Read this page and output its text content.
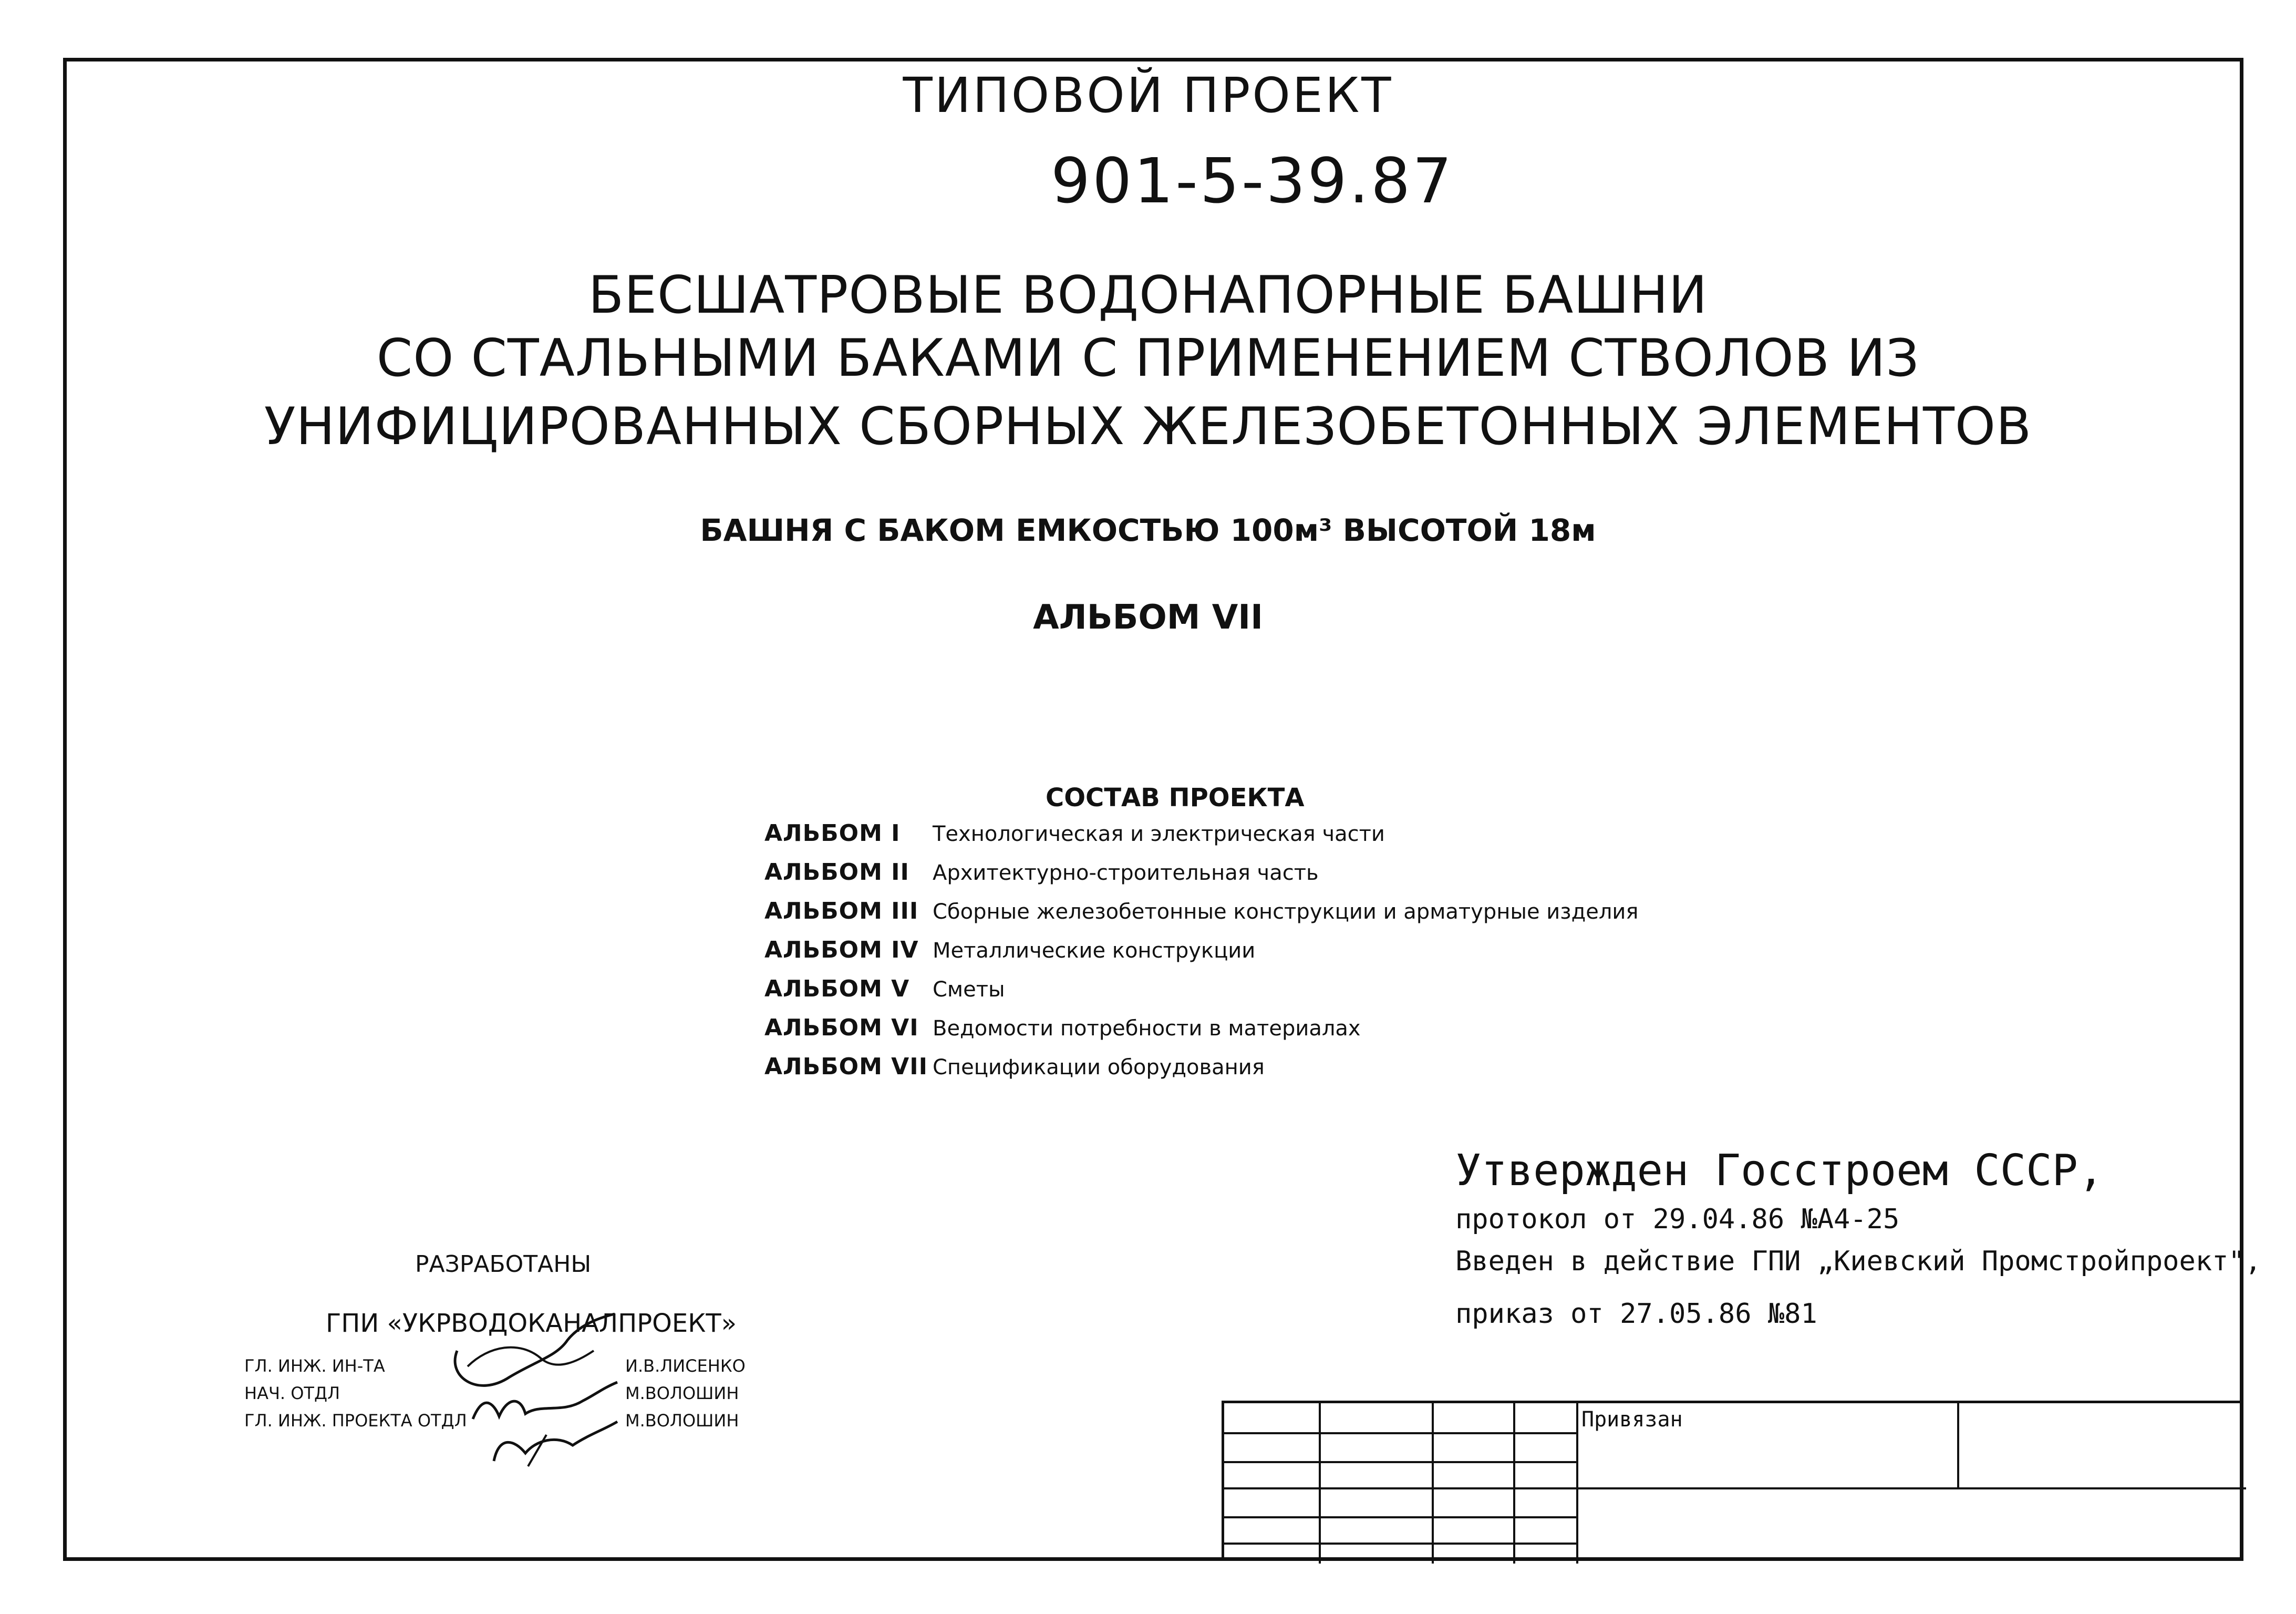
ТИПОВОЙ ПРОЕКТ
901-5-39.87
БЕСШАТРОВЫЕ ВОДОНАПОРНЫЕ БАШНИ
СО СТАЛЬНЫМИ БАКАМИ С ПРИМЕНЕНИЕМ СТВОЛОВ ИЗ
УНИФИЦИРОВАННЫХ СБОРНЫХ ЖЕЛЕЗОБЕТОННЫХ ЭЛЕМЕНТОВ
БАШНЯ С БАКОМ ЕМКОСТЬЮ 100м³ ВЫСОТОЙ 18м
АЛЬБОМ VII
СОСТАВ ПРОЕКТА
АЛЬБОМ I Технологическая и электрическая части
АЛЬБОМ II Архитектурно-строительная часть
АЛЬБОМ III Сборные железобетонные конструкции и арматурные изделия
АЛЬБОМ IV Металлические конструкции
АЛЬБОМ V Сметы
АЛЬБОМ VI Ведомости потребности в материалах
АЛЬБОМ VII Спецификации оборудования
Утвержден Госстроем СССР,
протокол от 29.04.86 №А4-25
Введен в действие ГПИ „Киевский Промстройпроект",
приказ от 27.05.86 №81
РАЗРАБОТАНЫ
ГПИ «УКРВОДОКАНАЛПРОЕКТ»
ГЛ. ИНЖ. ИН-ТА
НАЧ. ОТДЛ
ГЛ. ИНЖ. ПРОЕКТА ОТДЛ
И.В.ЛИСЕНКО
М.ВОЛОШИН
М.ВОЛОШИН	Привязан
